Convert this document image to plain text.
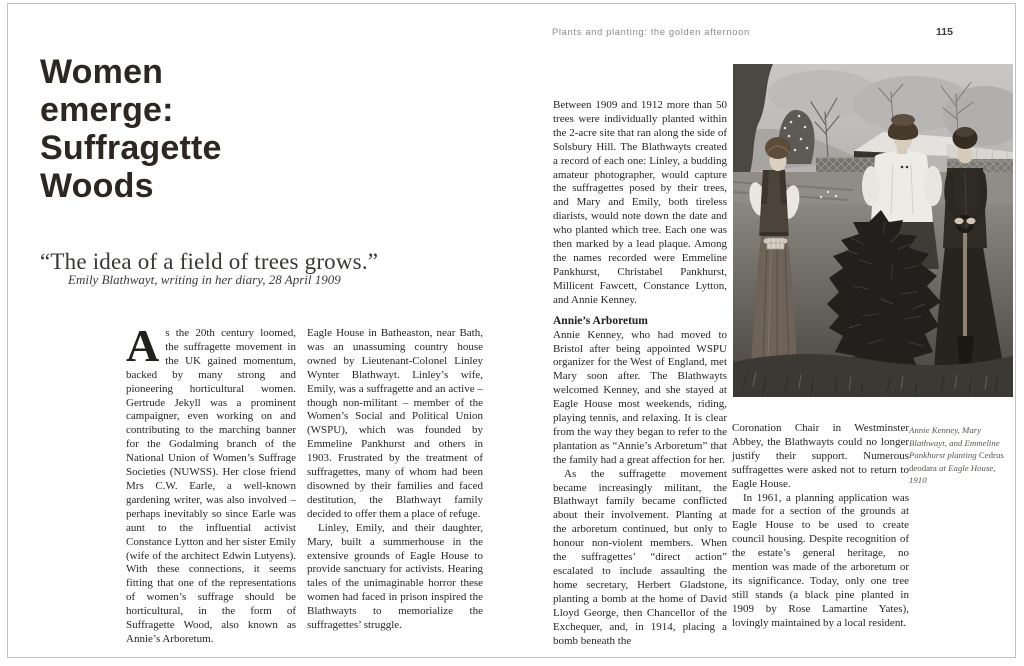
Women
emerge:
Suffragette
Woods

“The idea of a field of trees grows.”

Emily Blathwayt, writing in her diary, 28 April 1909

As the 20th century loomed, the suffragette movement in the UK gained momentum, backed by many strong and pioneering horticultural women. Gertrude Jekyll was a prominent campaigner, even working on and contributing to the marching banner for the Godalming branch of the National Union of Women’s Suffrage Societies (NUWSS). Her close friend Mrs C.W. Earle, a well-known gardening writer, was also involved – perhaps inevitably so since Earle was aunt to the influential activist Constance Lytton and her sister Emily (wife of the architect Edwin Lutyens). With these connections, it seems fitting that one of the representations of women’s suffrage should be horticultural, in the form of Suffragette Wood, also known as Annie’s Arboretum.

Eagle House in Batheaston, near Bath, was an unassuming country house owned by Lieutenant-Colonel Linley Wynter Blathwayt. Linley’s wife, Emily, was a suffragette and an active – though non-militant – member of the Women’s Social and Political Union (WSPU), which was founded by Emmeline Pankhurst and others in 1903. Frustrated by the treatment of suffragettes, many of whom had been disowned by their families and faced destitution, the Blathwayt family decided to offer them a place of refuge.

Linley, Emily, and their daughter, Mary, built a summerhouse in the extensive grounds of Eagle House to provide sanctuary for activists. Hearing tales of the unimaginable horror these women had faced in prison inspired the Blathwayts to memorialize the suffragettes’ struggle.

Plants and planting: the golden afternoon	115

Between 1909 and 1912 more than 50 trees were individually planted within the 2-acre site that ran along the side of Solsbury Hill. The Blathwayts created a record of each one: Linley, a budding amateur photographer, would capture the suffragettes posed by their trees, and Mary and Emily, both tireless diarists, would note down the date and who planted which tree. Each one was then marked by a lead plaque. Among the names recorded were Emmeline Pankhurst, Christabel Pankhurst, Millicent Fawcett, Constance Lytton, and Annie Kenney.

Annie’s Arboretum

Annie Kenney, who had moved to Bristol after being appointed WSPU organizer for the West of England, met Mary soon after. The Blathwayts welcomed Kenney, and she stayed at Eagle House most weekends, riding, playing tennis, and relaxing. It is clear from the way they began to refer to the plantation as “Annie’s Arboretum” that the family had a great affection for her.

As the suffragette movement became increasingly militant, the Blathwayt family became conflicted about their involvement. Planting at the arboretum continued, but only to honour non-violent members. When the suffragettes’ “direct action” escalated to include assaulting the home secretary, Herbert Gladstone, planting a bomb at the home of David Lloyd George, then Chancellor of the Exchequer, and, in 1914, placing a bomb beneath the

Coronation Chair in Westminster Abbey, the Blathwayts could no longer justify their support. Numerous suffragettes were asked not to return to Eagle House.

In 1961, a planning application was made for a section of the grounds at Eagle House to be used to create council housing. Despite recognition of the estate’s general heritage, no mention was made of the arboretum or its significance. Today, only one tree still stands (a black pine planted in 1909 by Rose Lamartine Yates), lovingly maintained by a local resident.

Annie Kenney, Mary Blathwayt, and Emmeline Pankhurst planting Cedrus deodara at Eagle House, 1910
